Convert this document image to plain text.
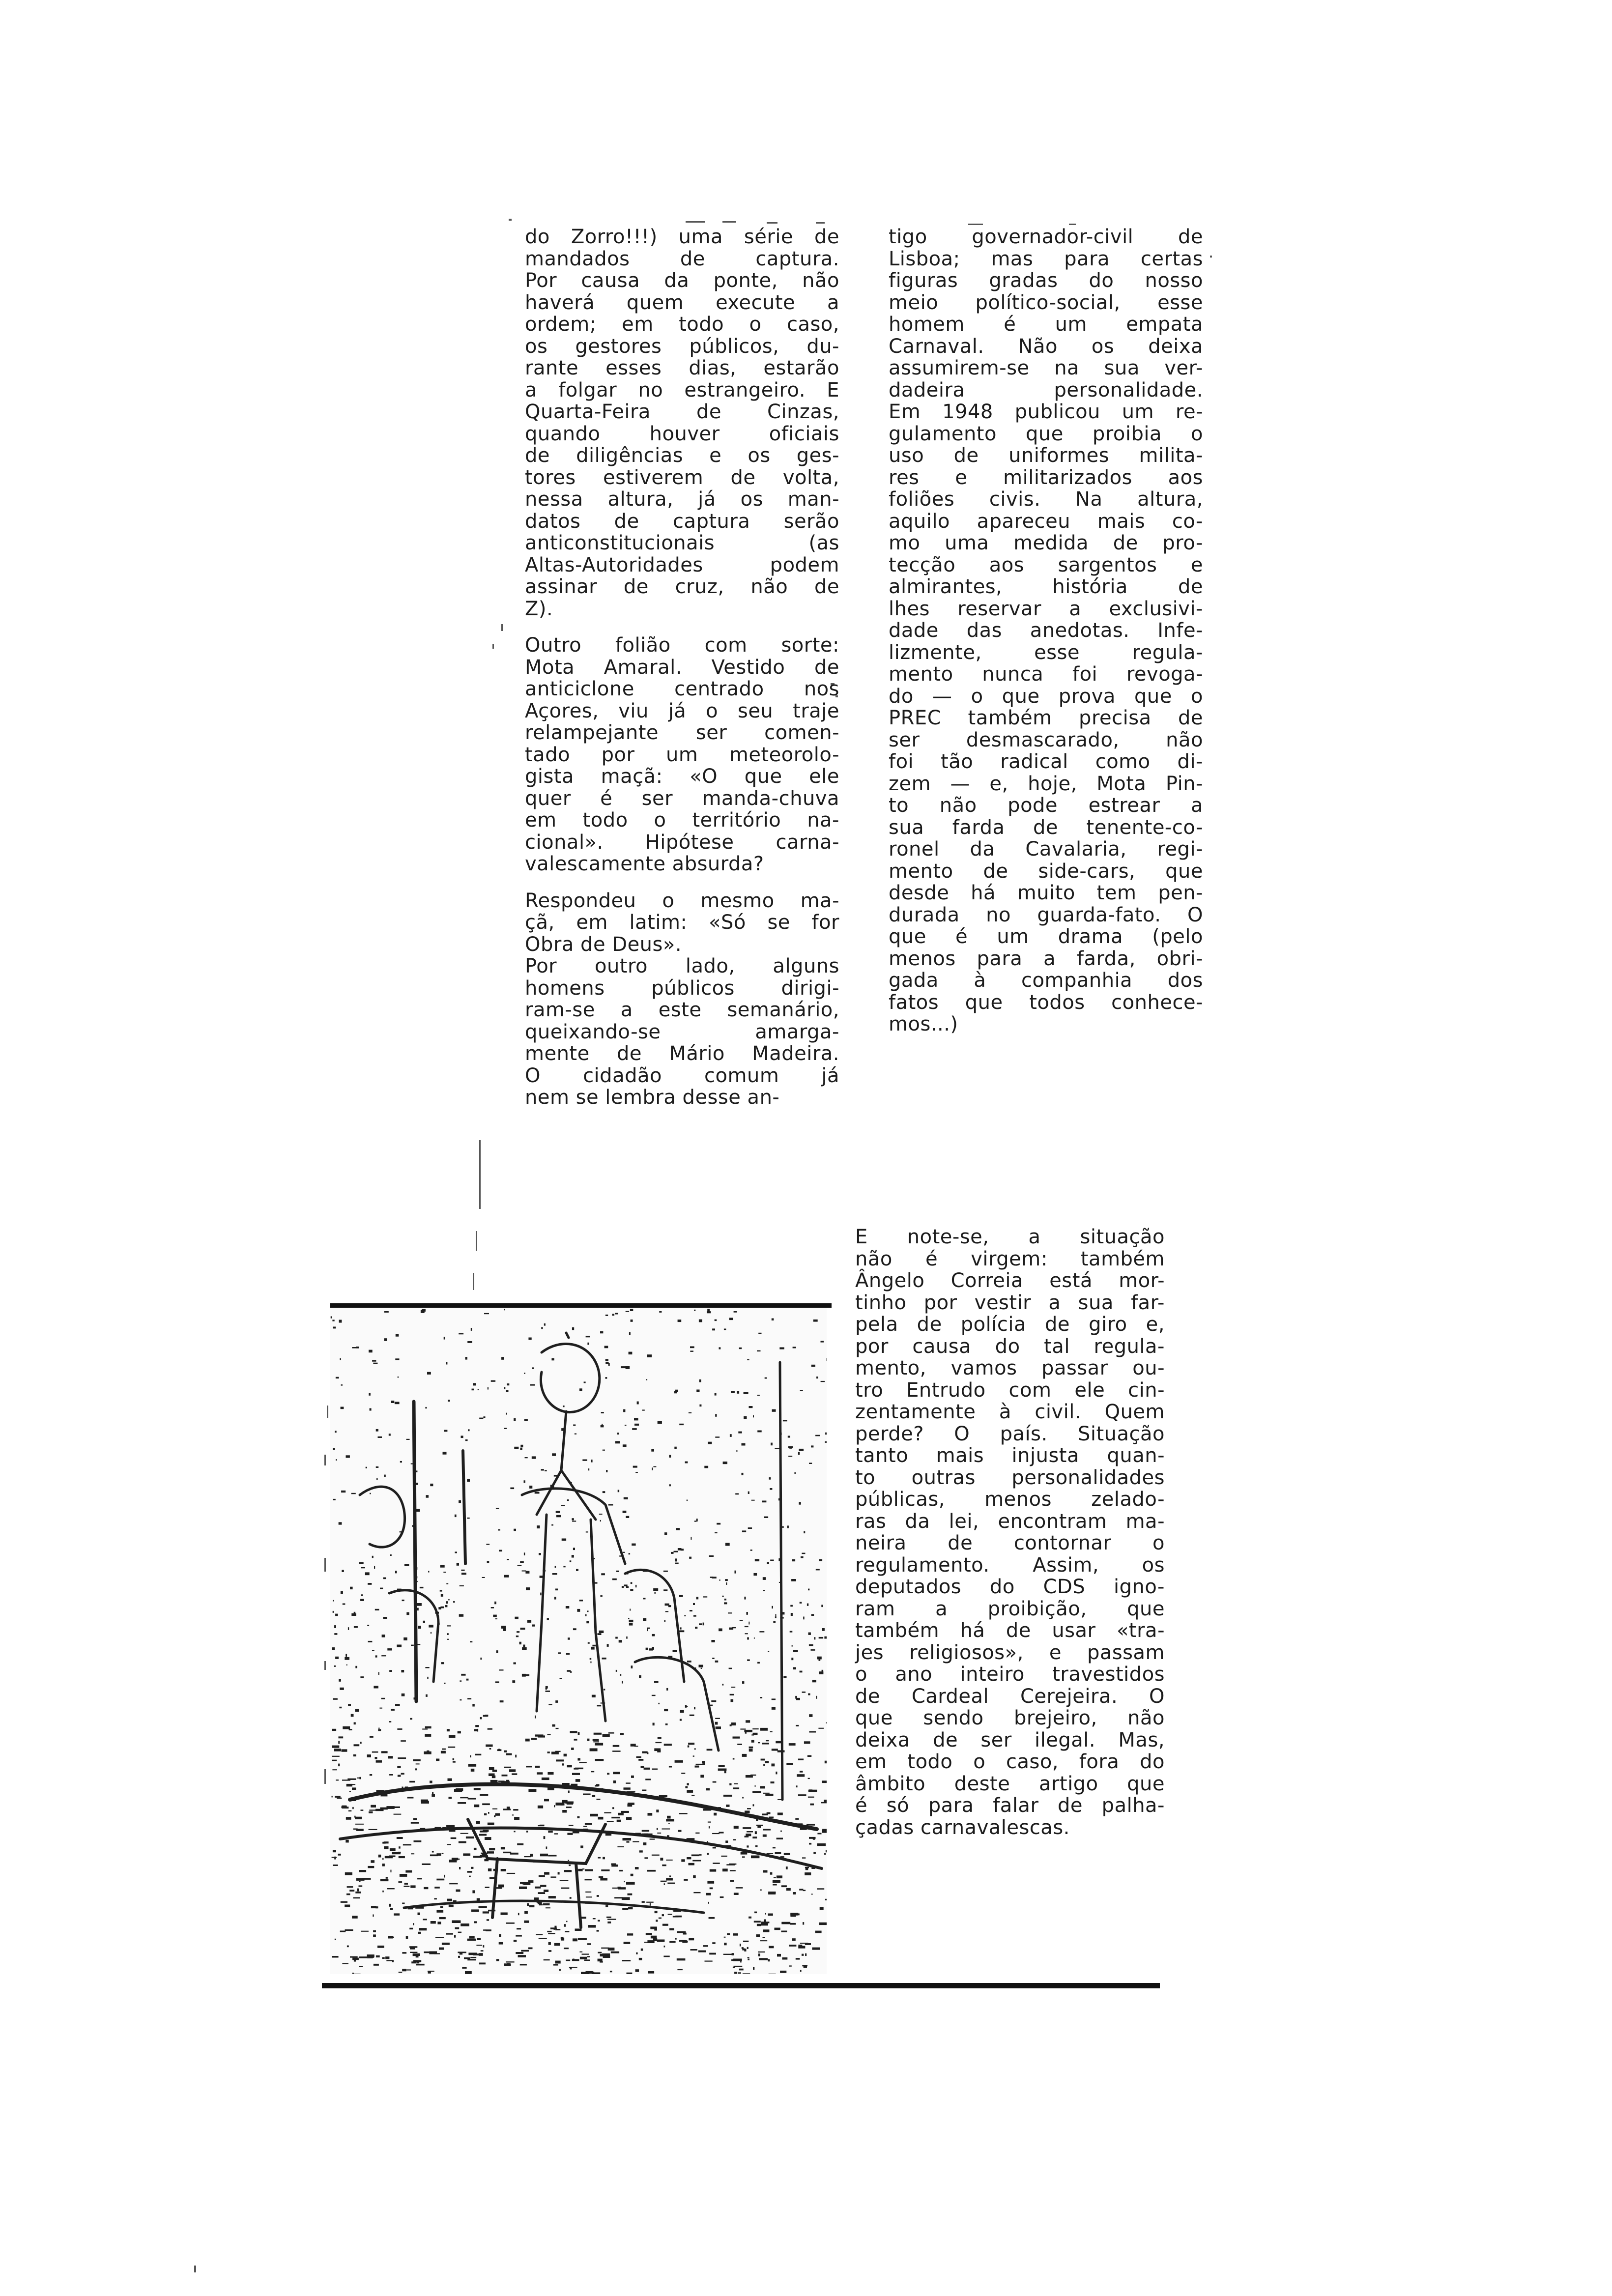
do Zorro!!!) uma série de
mandados de captura.
Por causa da ponte, não
haverá quem execute a
ordem; em todo o caso,
os gestores públicos, du-
rante esses dias, estarão
a folgar no estrangeiro. E
Quarta-Feira de Cinzas,
quando houver oficiais
de diligências e os ges-
tores estiverem de volta,
nessa altura, já os man-
datos de captura serão
anticonstitucionais (as
Altas-Autoridades podem
assinar de cruz, não de
Z).

Outro folião com sorte:
Mota Amaral. Vestido de
anticiclone centrado nos
Açores, viu já o seu traje
relampejante ser comen-
tado por um meteorolo-
gista maçã: «O que ele
quer é ser manda-chuva
em todo o território na-
cional». Hipótese carna-
valescamente absurda?

Respondeu o mesmo ma-
çã, em latim: «Só se for
Obra de Deus».

Por outro lado, alguns
homens públicos dirigi-
ram-se a este semanário,
queixando-se amarga-
mente de Mário Madeira.
O cidadão comum já
nem se lembra desse an-

tigo governador-civil de
Lisboa; mas para certas
figuras gradas do nosso
meio político-social, esse
homem é um empata
Carnaval. Não os deixa
assumirem-se na sua ver-
dadeira personalidade.
Em 1948 publicou um re-
gulamento que proibia o
uso de uniformes milita-
res e militarizados aos
foliões civis. Na altura,
aquilo apareceu mais co-
mo uma medida de pro-
tecção aos sargentos e
almirantes, história de
lhes reservar a exclusivi-
dade das anedotas. Infe-
lizmente, esse regula-
mento nunca foi revoga-
do — o que prova que o
PREC também precisa de
ser desmascarado, não
foi tão radical como di-
zem — e, hoje, Mota Pin-
to não pode estrear a
sua farda de tenente-co-
ronel da Cavalaria, regi-
mento de side-cars, que
desde há muito tem pen-
durada no guarda-fato. O
que é um drama (pelo
menos para a farda, obri-
gada à companhia dos
fatos que todos conhece-
mos...)

E note-se, a situação
não é virgem: também
Ângelo Correia está mor-
tinho por vestir a sua far-
pela de polícia de giro e,
por causa do tal regula-
mento, vamos passar ou-
tro Entrudo com ele cin-
zentamente à civil. Quem
perde? O país. Situação
tanto mais injusta quan-
to outras personalidades
públicas, menos zelado-
ras da lei, encontram ma-
neira de contornar o
regulamento. Assim, os
deputados do CDS igno-
ram a proibição, que
também há de usar «tra-
jes religiosos», e passam
o ano inteiro travestidos
de Cardeal Cerejeira. O
que sendo brejeiro, não
deixa de ser ilegal. Mas,
em todo o caso, fora do
âmbito deste artigo que
é só para falar de palha-
çadas carnavalescas.
